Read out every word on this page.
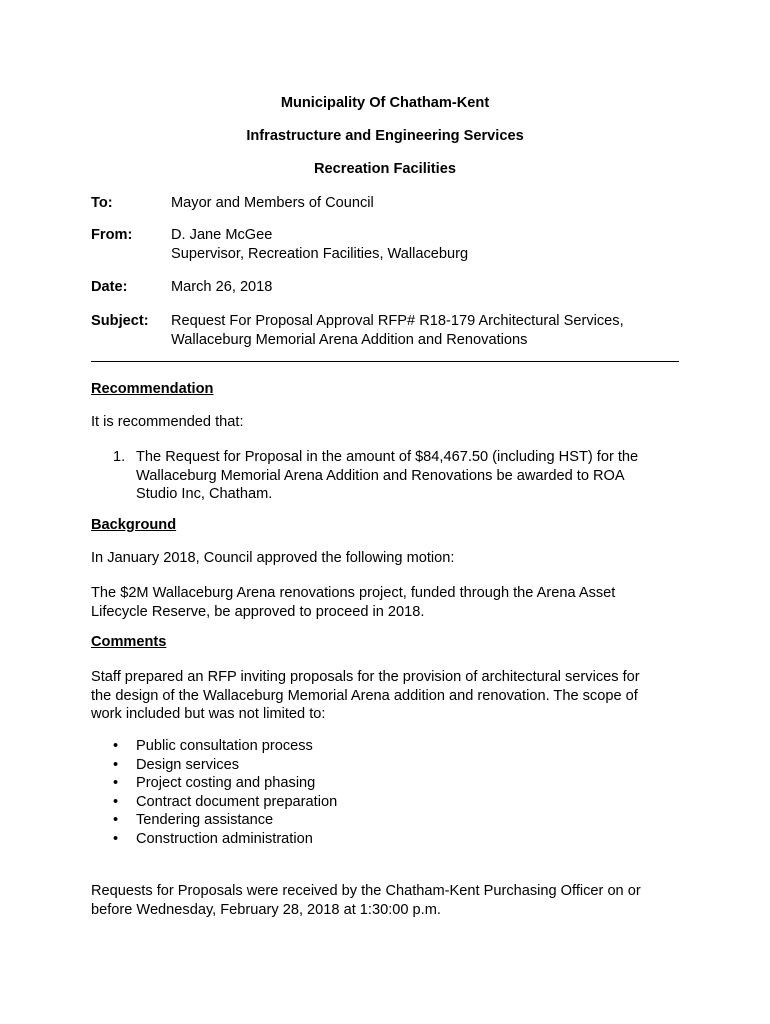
Municipality Of Chatham-Kent
Infrastructure and Engineering Services
Recreation Facilities
To:	Mayor and Members of Council
From:	D. Jane McGee
Supervisor, Recreation Facilities, Wallaceburg
Date:	March 26, 2018
Subject: Request For Proposal Approval RFP# R18-179 Architectural Services,
Wallaceburg Memorial Arena Addition and Renovations
Recommendation
It is recommended that:
1. The Request for Proposal in the amount of $84,467.50 (including HST) for the
Wallaceburg Memorial Arena Addition and Renovations be awarded to ROA
Studio Inc, Chatham.
Background
In January 2018, Council approved the following motion:
The $2M Wallaceburg Arena renovations project, funded through the Arena Asset
Lifecycle Reserve, be approved to proceed in 2018.
Comments
Staff prepared an RFP inviting proposals for the provision of architectural services for
the design of the Wallaceburg Memorial Arena addition and renovation. The scope of
work included but was not limited to:
• Public consultation process
• Design services
• Project costing and phasing
• Contract document preparation
• Tendering assistance
• Construction administration
Requests for Proposals were received by the Chatham-Kent Purchasing Officer on or
before Wednesday, February 28, 2018 at 1:30:00 p.m.
